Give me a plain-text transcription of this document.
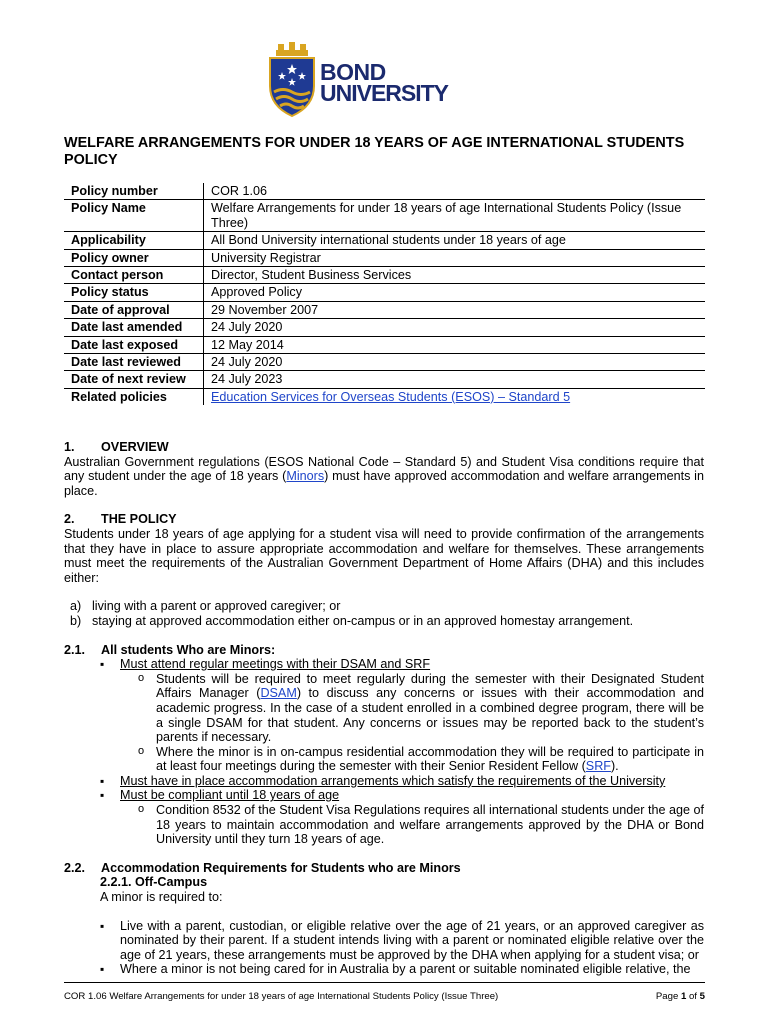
BOND
UNIVERSITY
WELFARE ARRANGEMENTS FOR UNDER 18 YEARS OF AGE INTERNATIONAL STUDENTS POLICY
Policy number	COR 1.06
Policy Name	Welfare Arrangements for under 18 years of age International Students Policy (Issue Three)
Applicability	All Bond University international students under 18 years of age
Policy owner	University Registrar
Contact person	Director, Student Business Services
Policy status	Approved Policy
Date of approval	29 November 2007
Date last amended	24 July 2020
Date last exposed	12 May 2014
Date last reviewed	24 July 2020
Date of next review	24 July 2023
Related policies	Education Services for Overseas Students (ESOS) – Standard 5
1. OVERVIEW

Australian Government regulations (ESOS National Code – Standard 5) and Student Visa conditions require that any student under the age of 18 years (Minors) must have approved accommodation and welfare arrangements in place.

2. THE POLICY

Students under 18 years of age applying for a student visa will need to provide confirmation of the arrangements that they have in place to assure appropriate accommodation and welfare for themselves. These arrangements must meet the requirements of the Australian Government Department of Home Affairs (DHA) and this includes either:

a) living with a parent or approved caregiver; or
b) staying at approved accommodation either on-campus or in an approved homestay arrangement.
2.1. All students Who are Minors:
▪ Must attend regular meetings with their DSAM and SRF
o Students will be required to meet regularly during the semester with their Designated Student Affairs Manager (DSAM) to discuss any concerns or issues with their accommodation and academic progress. In the case of a student enrolled in a combined degree program, there will be a single DSAM for that student. Any concerns or issues may be reported back to the student’s parents if necessary.
o Where the minor is in on-campus residential accommodation they will be required to participate in at least four meetings during the semester with their Senior Resident Fellow (SRF).
▪ Must have in place accommodation arrangements which satisfy the requirements of the University
▪ Must be compliant until 18 years of age
o Condition 8532 of the Student Visa Regulations requires all international students under the age of 18 years to maintain accommodation and welfare arrangements approved by the DHA or Bond University until they turn 18 years of age.
2.2. Accommodation Requirements for Students who are Minors
2.2.1. Off-Campus
A minor is required to:
▪ Live with a parent, custodian, or eligible relative over the age of 21 years, or an approved caregiver as nominated by their parent. If a student intends living with a parent or nominated eligible relative over the age of 21 years, these arrangements must be approved by the DHA when applying for a student visa; or
▪ Where a minor is not being cared for in Australia by a parent or suitable nominated eligible relative, the
COR 1.06 Welfare Arrangements for under 18 years of age International Students Policy (Issue Three)	Page 1 of 5
